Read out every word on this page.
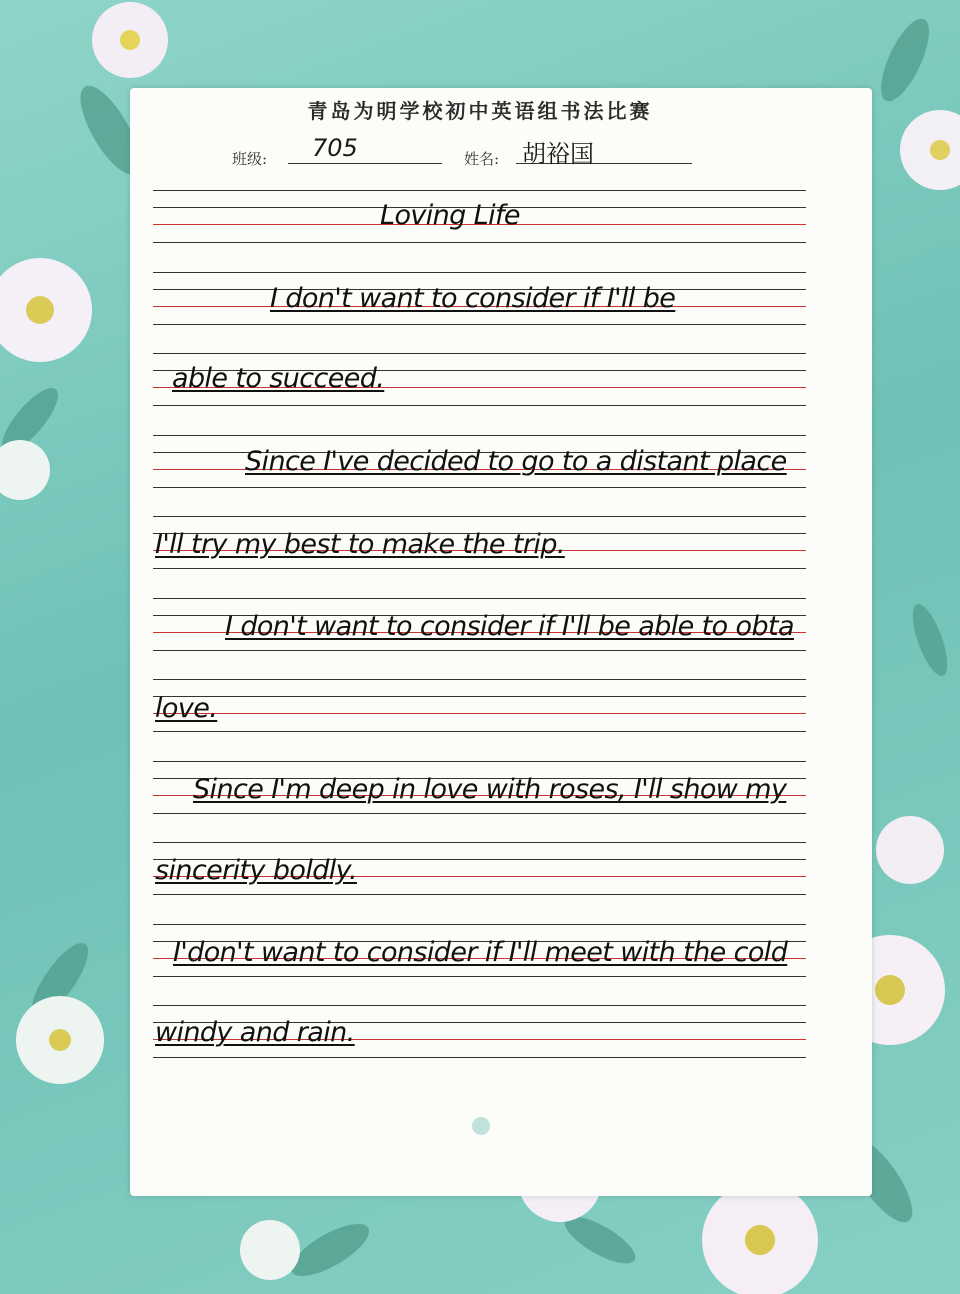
青岛为明学校初中英语组书法比赛
班级: 705	姓名: 胡裕国
Loving Life
I don't want to consider if I'll be
able to succeed.
Since I've decided to go to a distant place
I'll try my best to make the trip.
I don't want to consider if I'll be able to obta
love.
Since I'm deep in love with roses, I'll show my
sincerity boldly.
I'don't want to consider if I'll meet with the cold
windy and rain.
